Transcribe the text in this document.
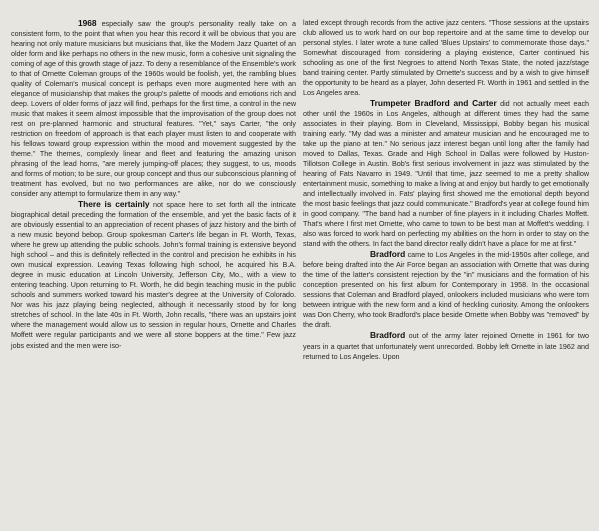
1968 especially saw the group's personality really take on a consistent form, to the point that when you hear this record it will be obvious that you are hearing not only mature musicians but musicians that, like the Modern Jazz Quartet of an older form and like perhaps no others in the new music, form a cohesive unit signaling the coming of age of this growth stage of jazz. To deny a resemblance of the Ensemble's work to that of Ornette Coleman groups of the 1960s would be foolish, yet, the rambling blues quality of Coleman's musical concept is perhaps even more augmented here with an elegance of musicianship that makes the group's palette of moods and emotions rich and deep. Lovers of older forms of jazz will find, perhaps for the first time, a control in the new music that makes it seem almost impossible that the improvisation of the group does not rest on pre-planned harmonic and structural features. "Yet," says Carter, "the only restriction on freedom of approach is that each player must listen to and cooperate with his fellows toward group expression within the mood and movement suggested by the theme." The themes, complexly linear and fleet and featuring the amazing unison phrasing of the lead horns, "are merely jumping-off places; they suggest, to us, moods and forms of motion; to be sure, our group concept and thus our subconscious planning of treatment has evolved, but no two performances are alike, nor do we consciously consider any attempt to formularize them in any way."

There is certainly not space here to set forth all the intricate biographical detail preceding the formation of the ensemble, and yet the basic facts of it are obviously essential to an appreciation of recent phases of jazz history and the birth of a new music beyond bebop. Group spokesman Carter's life began in Ft. Worth, Texas, where he grew up attending the public schools. John's formal training is extensive beyond high school – and this is definitely reflected in the control and precision he exhibits in his own musical expression. Leaving Texas following high school, he acquired his B.A. degree in music education at Lincoln University, Jefferson City, Mo., with a view to entering teaching. Upon returning to Ft. Worth, he did begin teaching music in the public schools and summers worked toward his master's degree at the University of Colorado. Nor was his jazz playing being neglected, although it necessarily stood by for long stretches of school. In the late 40s in Ft. Worth, John recalls, "there was an upstairs joint where the management would allow us to session in regular hours, Ornette and Charles Moffett were regular participants and we were all stone boppers at the time." Few jazz jobs existed and the men were iso-

lated except through records from the active jazz centers. "Those sessions at the upstairs club allowed us to work hard on our bop repertoire and at the same time to develop our personal styles. I later wrote a tune called 'Blues Upstairs' to commemorate those days." Somewhat discouraged from considering a playing existence, Carter continued his schooling as one of the first Negroes to attend North Texas State, the noted jazz/stage band training center. Partly stimulated by Ornette's success and by a wish to give himself the opportunity to be heard as a player, John deserted Ft. Worth in 1961 and settled in the Los Angeles area.

Trumpeter Bradford and Carter did not actually meet each other until the 1960s in Los Angeles, although at different times they had the same associates in their playing. Born in Cleveland, Mississippi, Bobby began his musical training early. "My dad was a minister and amateur musician and he encouraged me to take up the piano at ten." No serious jazz interest began until long after the family had moved to Dallas, Texas. Grade and High School in Dallas were followed by Huston-Tillotson College in Austin. Bob's first serious involvement in jazz was stimulated by the hearing of Fats Navarro in 1949. "Until that time, jazz seemed to me a pretty shallow entertainment music, something to make a living at and enjoy but hardly to get emotionally and intellectually involved in. Fats' playing first showed me the emotional depth beyond the most basic feelings that jazz could communicate." Bradford's year at college found him in good company. "The band had a number of fine players in it including Charles Moffett. That's where I first met Ornette, who came to town to be best man at Moffett's wedding. I also was forced to work hard on perfecting my abilities on the horn in order to stay on the stand with the others. In fact the band director really didn't have a place for me at first."

Bradford came to Los Angeles in the mid-1950s after college, and before being drafted into the Air Force began an association with Ornette that was during the time of the latter's consistent rejection by the "in" musicians and the formation of his conception presented on his first album for Contemporary in 1958. In the occasional sessions that Coleman and Bradford played, onlookers included musicians who were torn between intrigue with the new form and a kind of heckling curiosity. Among the onlookers was Don Cherry, who took Bradford's place beside Ornette when Bobby was "removed" by the draft.

Bradford out of the army later rejoined Ornette in 1961 for two years in a quartet that unfortunately went unrecorded. Bobby left Ornette in late 1962 and returned to Los Angeles. Upon
